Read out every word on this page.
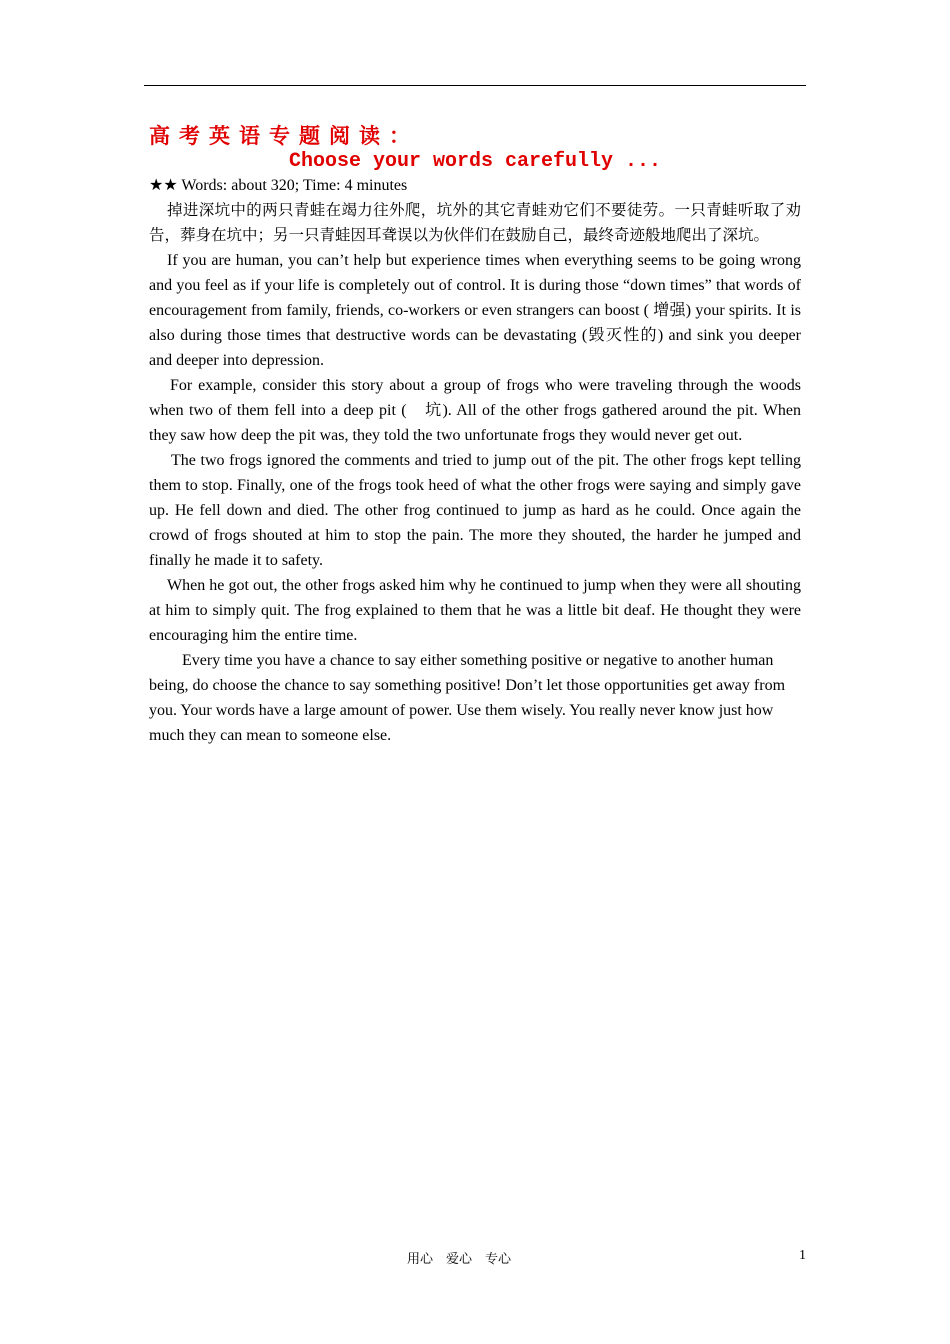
高考英语专题阅读：
Choose your words carefully ...
★★ Words: about 320; Time: 4 minutes

掉进深坑中的两只青蛙在竭力往外爬，坑外的其它青蛙劝它们不要徒劳。一只青蛙听取了劝告，葬身在坑中；另一只青蛙因耳聋误以为伙伴们在鼓励自己，最终奇迹般地爬出了深坑。

If you are human, you can’t help but experience times when everything seems to be going wrong and you feel as if your life is completely out of control. It is during those “down times” that words of encouragement from family, friends, co-workers or even strangers can boost ( 增强) your spirits. It is also during those times that destructive words can be devastating (毁灭性的) and sink you deeper and deeper into depression.

For example, consider this story about a group of frogs who were traveling through the woods when two of them fell into a deep pit (　坑). All of the other frogs gathered around the pit. When they saw how deep the pit was, they told the two unfortunate frogs they would never get out.

The two frogs ignored the comments and tried to jump out of the pit. The other frogs kept telling them to stop. Finally, one of the frogs took heed of what the other frogs were saying and simply gave up. He fell down and died. The other frog continued to jump as hard as he could. Once again the crowd of frogs shouted at him to stop the pain. The more they shouted, the harder he jumped and finally he made it to safety.

When he got out, the other frogs asked him why he continued to jump when they were all shouting at him to simply quit. The frog explained to them that he was a little bit deaf. He thought they were encouraging him the entire time.

Every time you have a chance to say either something positive or negative to another human being, do choose the chance to say something positive! Don’t let those opportunities get away from you. Your words have a large amount of power. Use them wisely. You really never know just how much they can mean to someone else.

用心　爱心　专心	1
